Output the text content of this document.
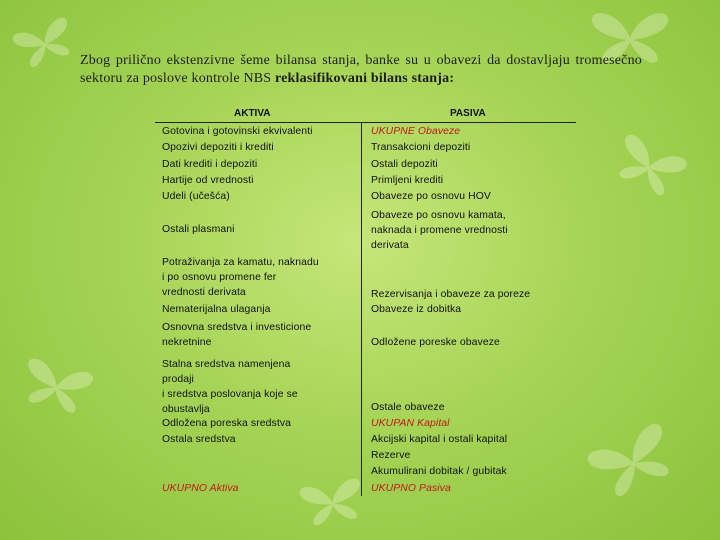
Zbog prilično ekstenzivne šeme bilansa stanja, banke su u obavezi da dostavljaju tromesečno sektoru za poslove kontrole NBS reklasifikovani bilans stanja:
AKTIVA	PASIVA
Gotovina i gotovinski ekvivalenti
Opozivi depoziti i krediti
Dati krediti i depoziti
Hartije od vrednosti
Udeli (učešća)
Ostali plasmani
Potraživanja za kamatu, naknadu
i po osnovu promene fer
vrednosti derivata
Nematerijalna ulaganja
Osnovna sredstva i investicione
nekretnine
Stalna sredstva namenjena
prodaji
i sredstva poslovanja koje se
obustavlja
Odložena poreska sredstva
Ostala sredstva
UKUPNO Aktiva
UKUPNE Obaveze
Transakcioni depoziti
Ostali depoziti
Primljeni krediti
Obaveze po osnovu HOV
Obaveze po osnovu kamata,
naknada i promene vrednosti
derivata
Rezervisanja i obaveze za poreze
Obaveze iz dobitka
Odložene poreske obaveze
Ostale obaveze
UKUPAN Kapital
Akcijski kapital i ostali kapital
Rezerve
Akumulirani dobitak / gubitak
UKUPNO Pasiva
